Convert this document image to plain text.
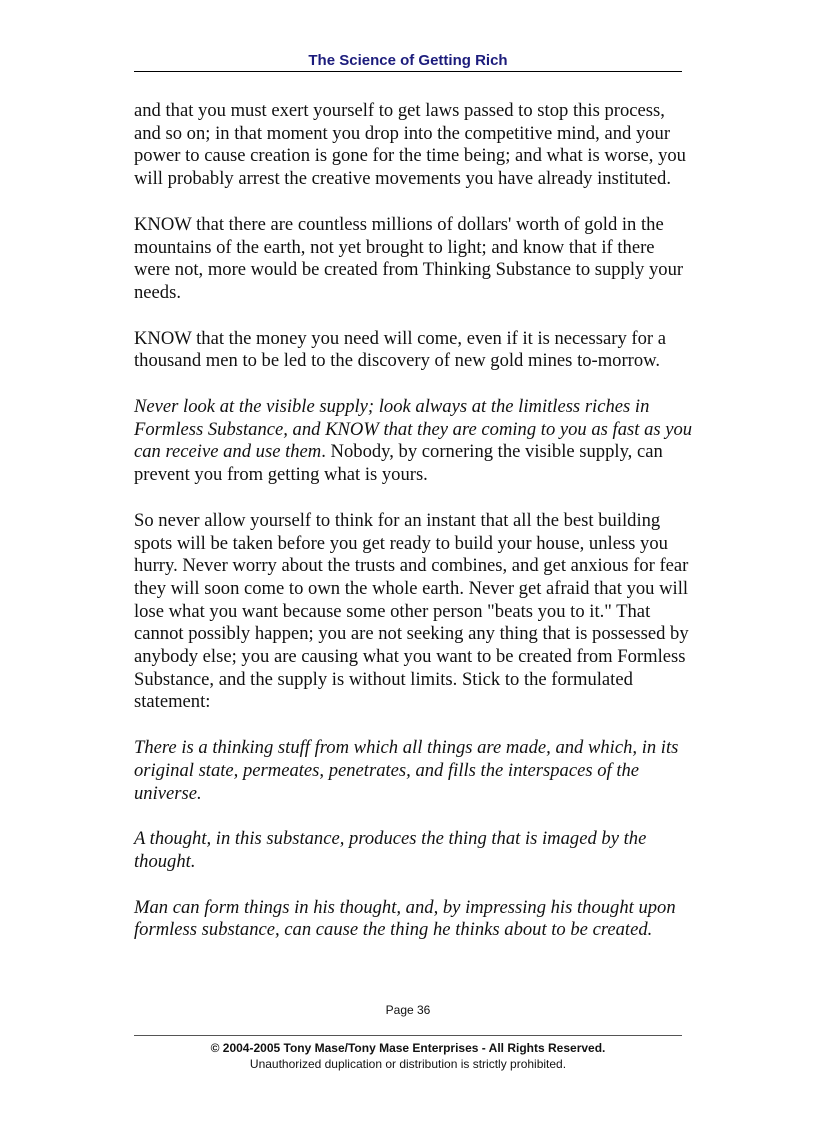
The Science of Getting Rich

and that you must exert yourself to get laws passed to stop this process, and so on; in that moment you drop into the competitive mind, and your power to cause creation is gone for the time being; and what is worse, you will probably arrest the creative movements you have already instituted.

KNOW that there are countless millions of dollars' worth of gold in the mountains of the earth, not yet brought to light; and know that if there were not, more would be created from Thinking Substance to supply your needs.

KNOW that the money you need will come, even if it is necessary for a thousand men to be led to the discovery of new gold mines to-morrow.

Never look at the visible supply; look always at the limitless riches in Formless Substance, and KNOW that they are coming to you as fast as you can receive and use them. Nobody, by cornering the visible supply, can prevent you from getting what is yours.

So never allow yourself to think for an instant that all the best building spots will be taken before you get ready to build your house, unless you hurry. Never worry about the trusts and combines, and get anxious for fear they will soon come to own the whole earth. Never get afraid that you will lose what you want because some other person "beats you to it." That cannot possibly happen; you are not seeking any thing that is possessed by anybody else; you are causing what you want to be created from Formless Substance, and the supply is without limits. Stick to the formulated statement:

There is a thinking stuff from which all things are made, and which, in its original state, permeates, penetrates, and fills the interspaces of the universe.

A thought, in this substance, produces the thing that is imaged by the thought.

Man can form things in his thought, and, by impressing his thought upon formless substance, can cause the thing he thinks about to be created.

Page 36
© 2004-2005 Tony Mase/Tony Mase Enterprises - All Rights Reserved.
Unauthorized duplication or distribution is strictly prohibited.
